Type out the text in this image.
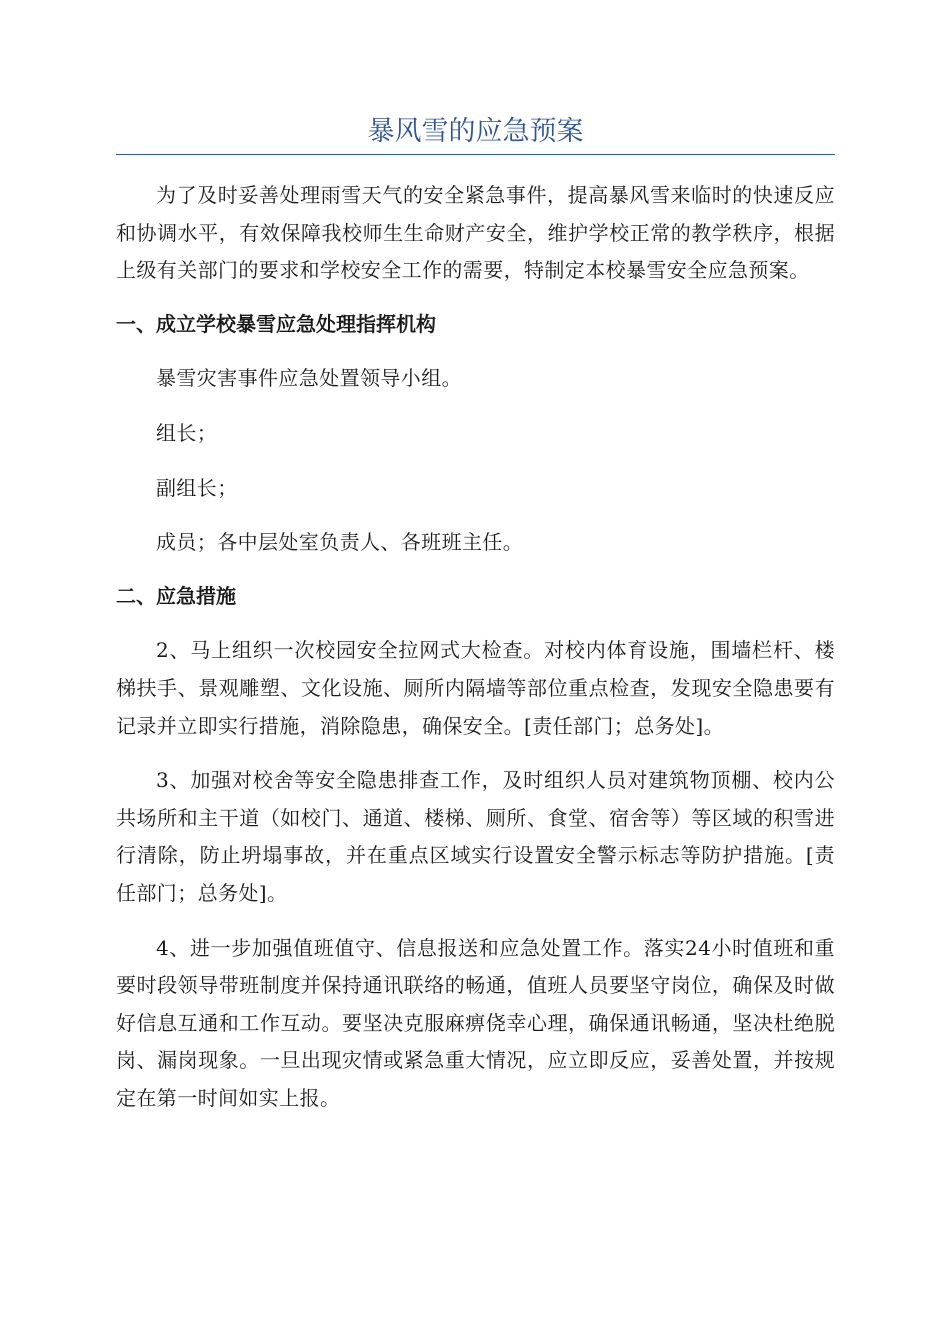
暴风雪的应急预案

为了及时妥善处理雨雪天气的安全紧急事件，提高暴风雪来临时的快速反应和协调水平，有效保障我校师生生命财产安全，维护学校正常的教学秩序，根据上级有关部门的要求和学校安全工作的需要，特制定本校暴雪安全应急预案。

一、成立学校暴雪应急处理指挥机构

暴雪灾害事件应急处置领导小组。

组长；

副组长；

成员；各中层处室负责人、各班班主任。

二、应急措施

2、马上组织一次校园安全拉网式大检查。对校内体育设施，围墙栏杆、楼梯扶手、景观雕塑、文化设施、厕所内隔墙等部位重点检查，发现安全隐患要有记录并立即实行措施，消除隐患，确保安全。[责任部门；总务处]。

3、加强对校舍等安全隐患排查工作，及时组织人员对建筑物顶棚、校内公共场所和主干道（如校门、通道、楼梯、厕所、食堂、宿舍等）等区域的积雪进行清除，防止坍塌事故，并在重点区域实行设置安全警示标志等防护措施。[责任部门；总务处]。

4、进一步加强值班值守、信息报送和应急处置工作。落实24小时值班和重要时段领导带班制度并保持通讯联络的畅通，值班人员要坚守岗位，确保及时做好信息互通和工作互动。要坚决克服麻痹侥幸心理，确保通讯畅通，坚决杜绝脱岗、漏岗现象。一旦出现灾情或紧急重大情况，应立即反应，妥善处置，并按规定在第一时间如实上报。
